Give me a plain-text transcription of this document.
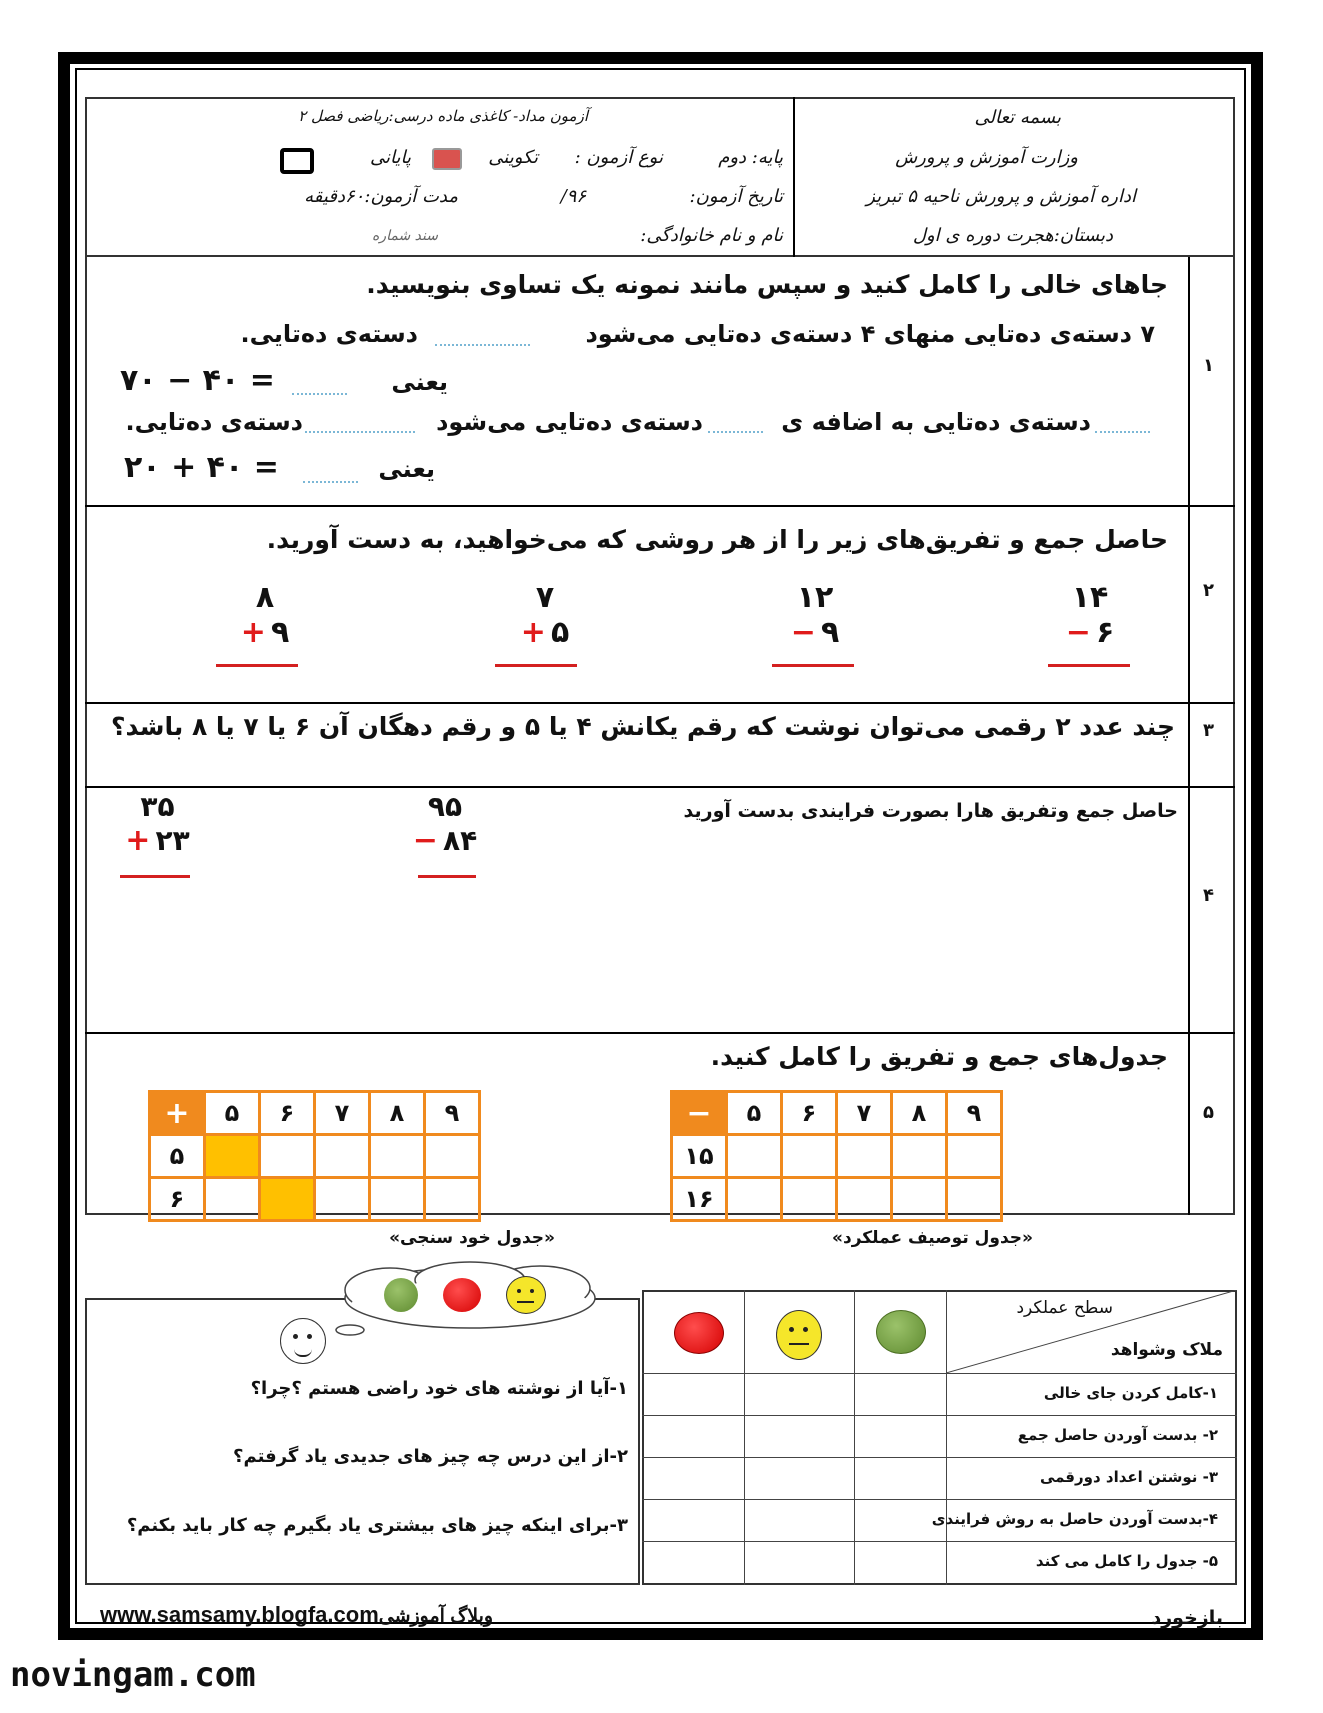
بسمه تعالی
وزارت آموزش و پرورش
اداره آموزش و پرورش ناحیه ۵ تبریز
دبستان:هجرت دوره ی اول
آزمون مداد- کاغذی ماده درسی:ریاضی فصل ۲
پایه: دوم
نوع آزمون :
تکوینی
پایانی
تاریخ آزمون:
۹۶/
مدت آزمون:۶۰دقیقه
نام و نام خانوادگی:
سند شماره
۱
۲
۳
۴
۵
جاهای خالی را کامل کنید و سپس مانند نمونه یک تساوی بنویسید.
۷ دسته‌ی ده‌تایی منهای ۴ دسته‌ی ده‌تایی می‌شود
دسته‌ی ده‌تایی.
یعنی
۷۰ − ۴۰ =
دسته‌ی ده‌تایی به اضافه ی
دسته‌ی ده‌تایی می‌شود
دسته‌ی ده‌تایی.
یعنی
۲۰ + ۴۰ =
حاصل جمع و تفریق‌های زیر را از هر روشی که می‌خواهید، به دست آورید.
۱۴
− ۶
۱۲
− ۹
۷
+ ۵
۸
+ ۹
چند عدد ۲ رقمی می‌توان نوشت که رقم یکانش ۴ یا ۵ و رقم دهگان آن ۶ یا ۷ یا ۸ باشد؟
حاصل جمع وتفریق هارا بصورت فرایندی بدست آورید
۹۵
− ۸۴
۳۵
+ ۲۳
جدول‌های جمع و تفریق را کامل کنید.
−	۵	۶	۷	۸	۹
۱۵					
۱۶					
+	۵	۶	۷	۸	۹
۵					
۶					
«جدول توصیف عملکرد»
«جدول خود سنجی»
سطح عملکرد
ملاک وشواهد
۱-کامل کردن جای خالی
۲- بدست آوردن حاصل جمع
۳- نوشتن اعداد دورقمی
۴-بدست آوردن حاصل به روش فرایندی
۵- جدول را کامل می کند
۱-آیا از نوشته های خود راضی هستم ؟چرا؟
۲-از این درس چه چیز های جدیدی یاد گرفتم؟
۳-برای اینکه چیز های بیشتری یاد بگیرم چه کار باید بکنم؟
بازخورد
www.samsamy.blogfa.comوبلاگ آموزشی
novingam.com
